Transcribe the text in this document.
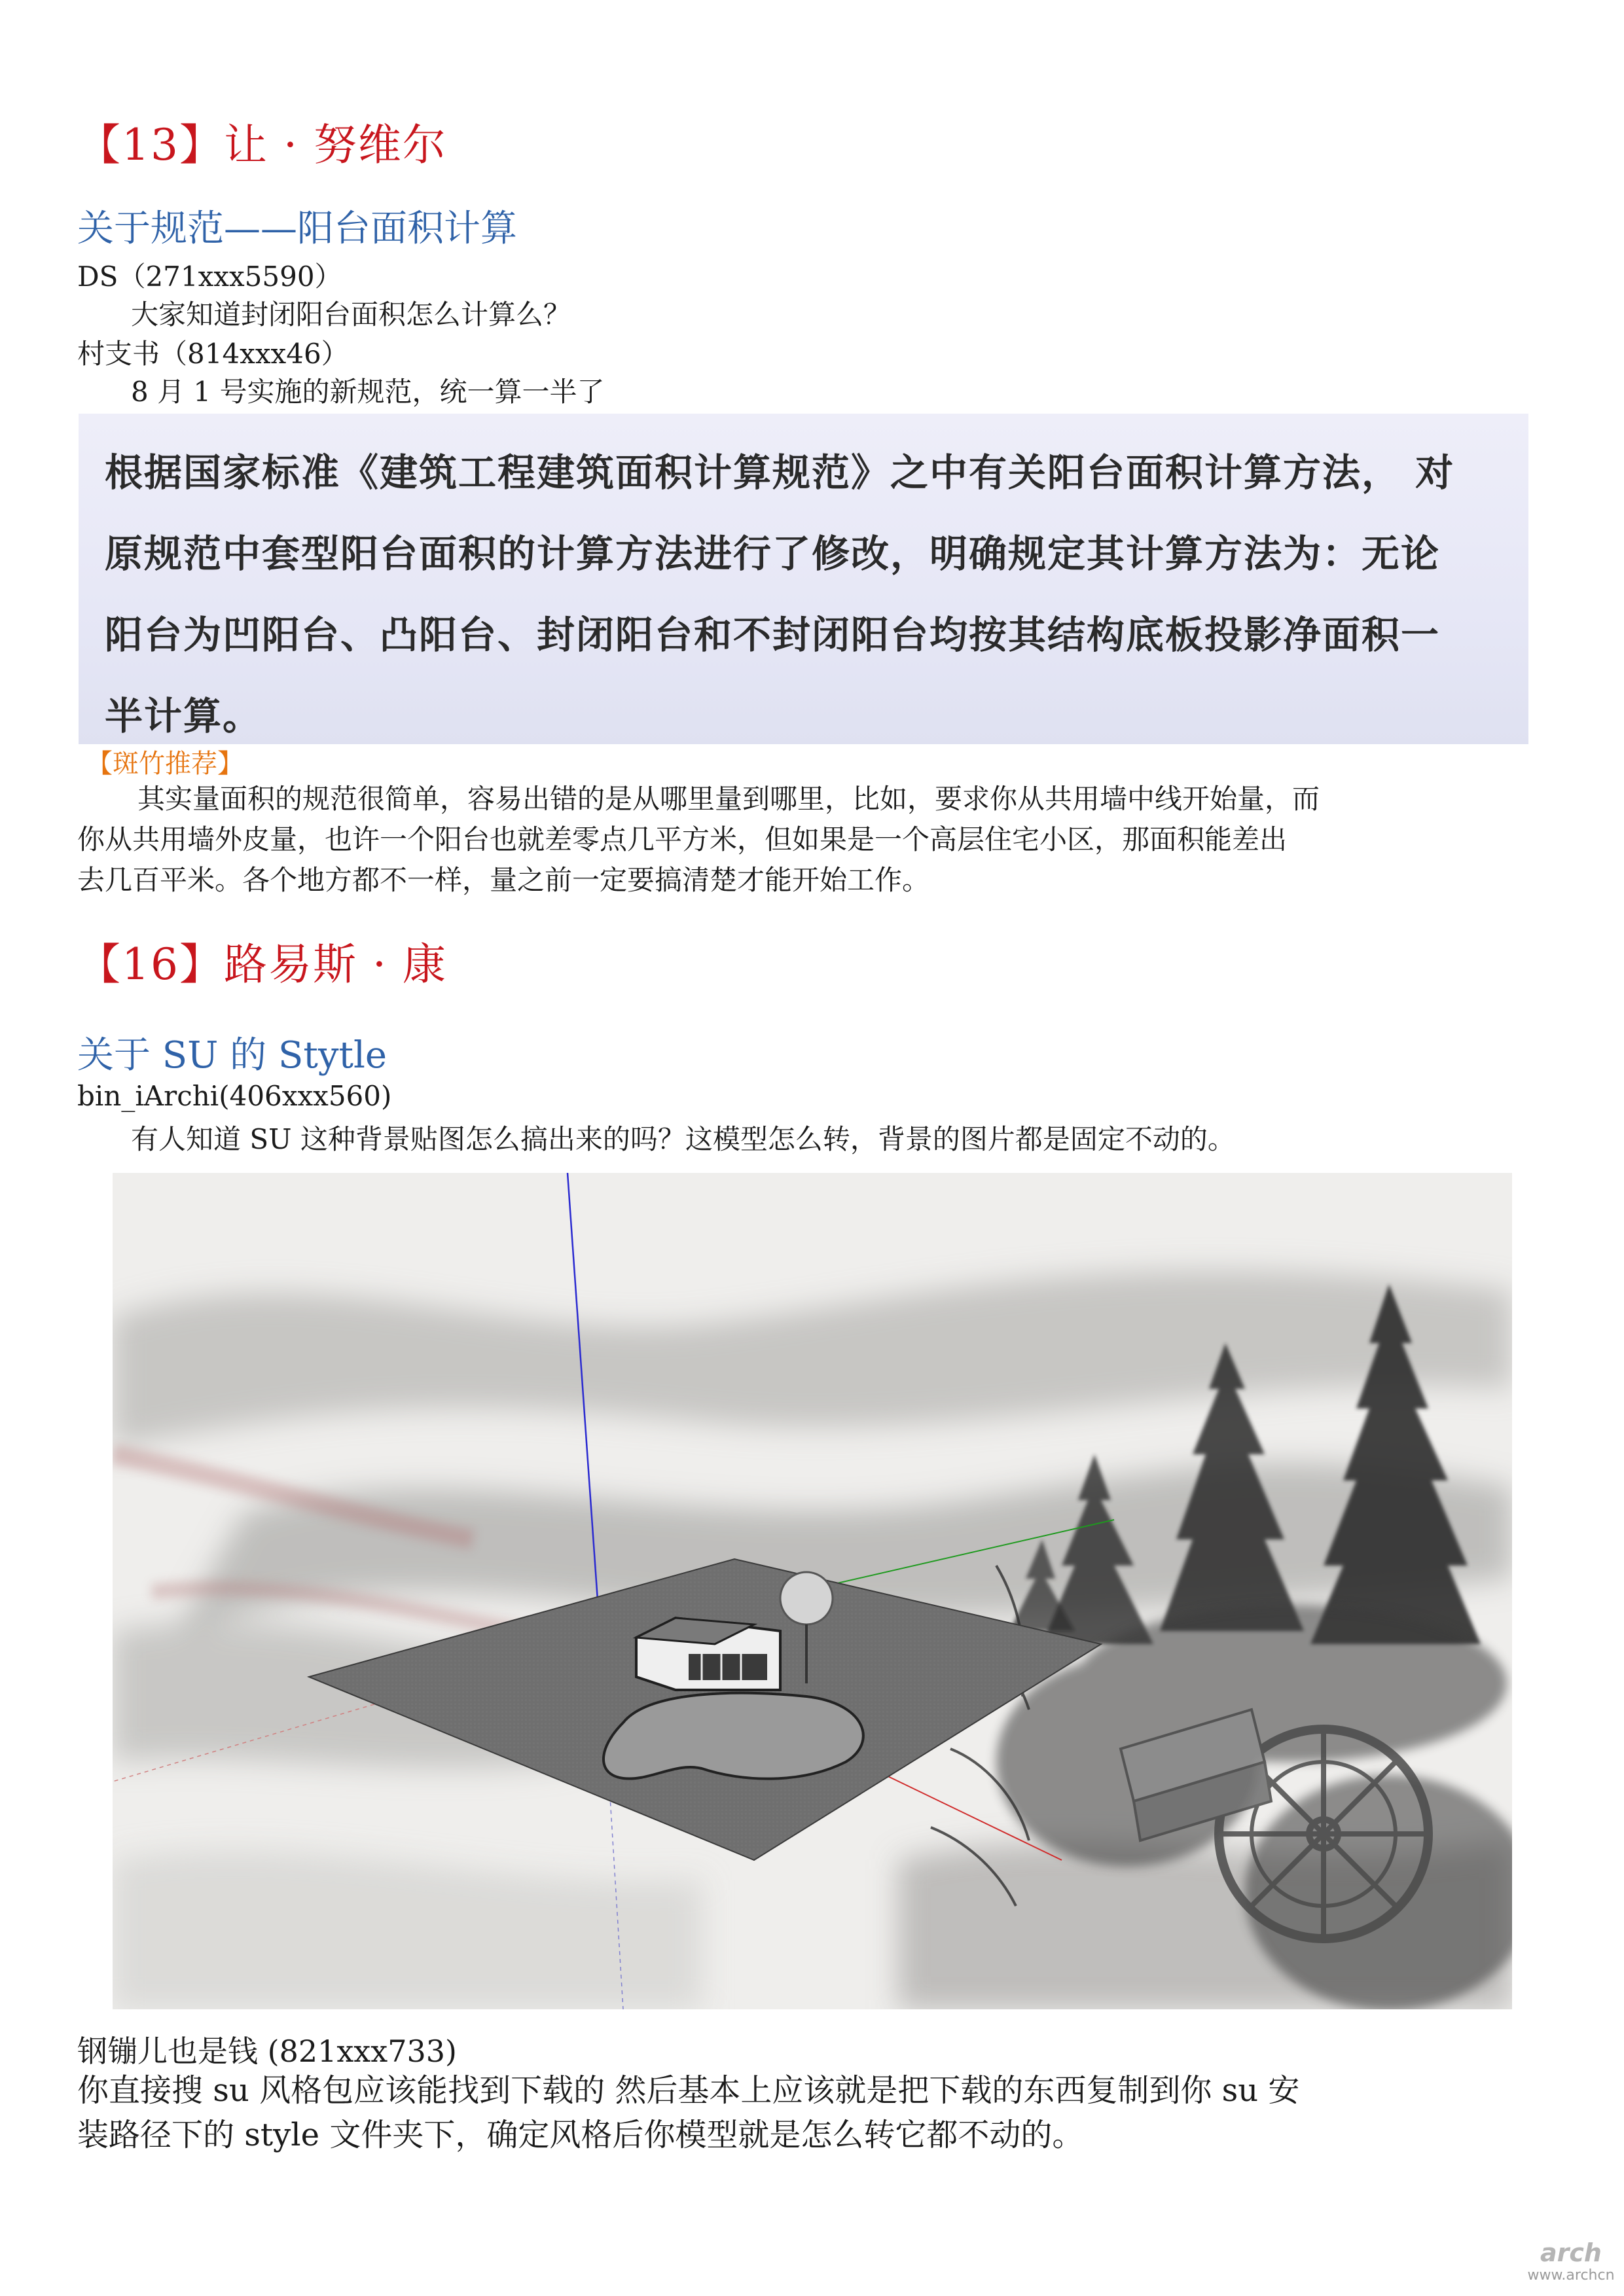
【13】让 · 努维尔
关于规范——阳台面积计算
DS（271xxx5590）
大家知道封闭阳台面积怎么计算么？
村支书（814xxx46）
8 月 1 号实施的新规范，统一算一半了
根据国家标准《建筑工程建筑面积计算规范》之中有关阳台面积计算方法， 对
原规范中套型阳台面积的计算方法进行了修改，明确规定其计算方法为：无论
阳台为凹阳台、凸阳台、封闭阳台和不封闭阳台均按其结构底板投影净面积一
半计算。
【斑竹推荐】
其实量面积的规范很简单，容易出错的是从哪里量到哪里，比如，要求你从共用墙中线开始量，而
你从共用墙外皮量，也许一个阳台也就差零点几平方米，但如果是一个高层住宅小区，那面积能差出
去几百平米。各个地方都不一样，量之前一定要搞清楚才能开始工作。
【16】路易斯 · 康
关于 SU 的 Stytle
bin_iArchi(406xxx560)
有人知道 SU 这种背景贴图怎么搞出来的吗？这模型怎么转，背景的图片都是固定不动的。
钢镚儿也是钱 (821xxx733)
你直接搜 su 风格包应该能找到下载的 然后基本上应该就是把下载的东西复制到你 su 安
装路径下的 style 文件夹下，确定风格后你模型就是怎么转它都不动的。
arch
www.archcn
